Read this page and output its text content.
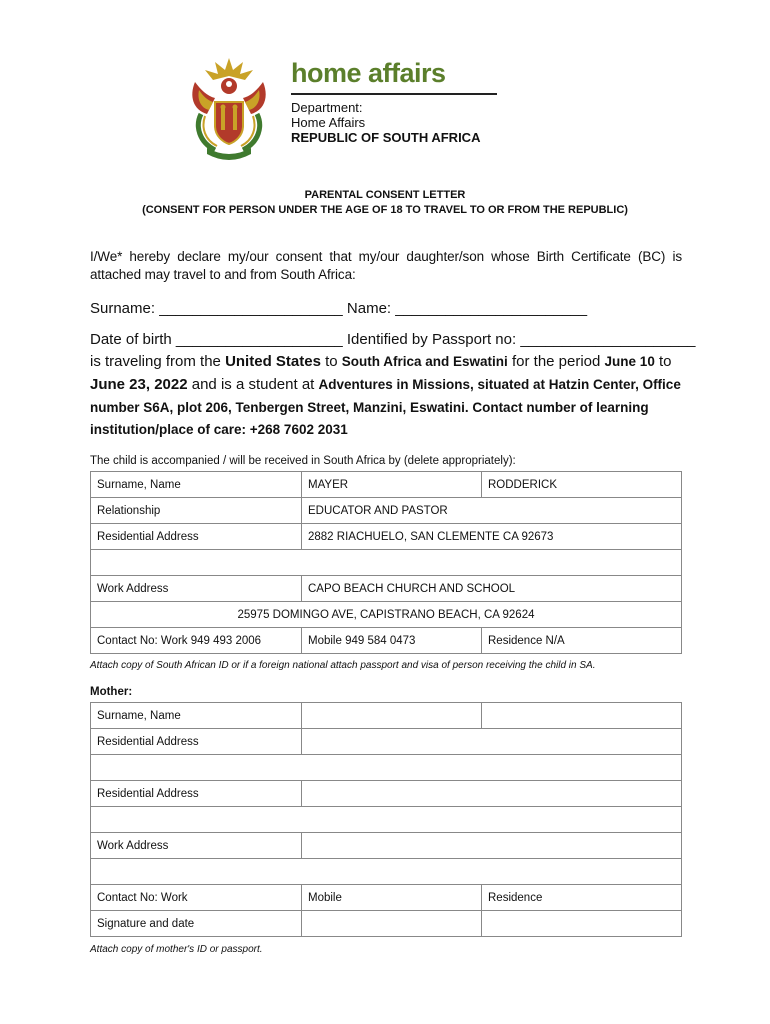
home affairs
Department:
Home Affairs
REPUBLIC OF SOUTH AFRICA
PARENTAL CONSENT LETTER
(CONSENT FOR PERSON UNDER THE AGE OF 18 TO TRAVEL TO OR FROM THE REPUBLIC)
I/We* hereby declare my/our consent that my/our daughter/son whose Birth Certificate (BC) is attached may travel to and from South Africa:
Surname: ______________________ Name: _______________________
Date of birth ____________________ Identified by Passport no: _____________________
is traveling from the United States to South Africa and Eswatini for the period June 10 to
June 23, 2022 and is a student at Adventures in Missions, situated at Hatzin Center, Office
number S6A, plot 206, Tenbergen Street, Manzini, Eswatini. Contact number of learning
institution/place of care: +268 7602 2031
The child is accompanied / will be received in South Africa by (delete appropriately):
Surname, Name	MAYER	RODDERICK
Relationship	EDUCATOR AND PASTOR	
Residential Address	2882 RIACHUELO, SAN CLEMENTE CA 92673	

Work Address	CAPO BEACH CHURCH AND SCHOOL	
25975 DOMINGO AVE, CAPISTRANO BEACH, CA 92624		
Contact No: Work 949 493 2006	Mobile 949 584 0473	Residence N/A
Attach copy of South African ID or if a foreign national attach passport and visa of person receiving the child in SA.
Mother:
Surname, Name		
Residential Address		

Residential Address		

Work Address		

Contact No: Work	Mobile	Residence
Signature and date		
Attach copy of mother's ID or passport.
